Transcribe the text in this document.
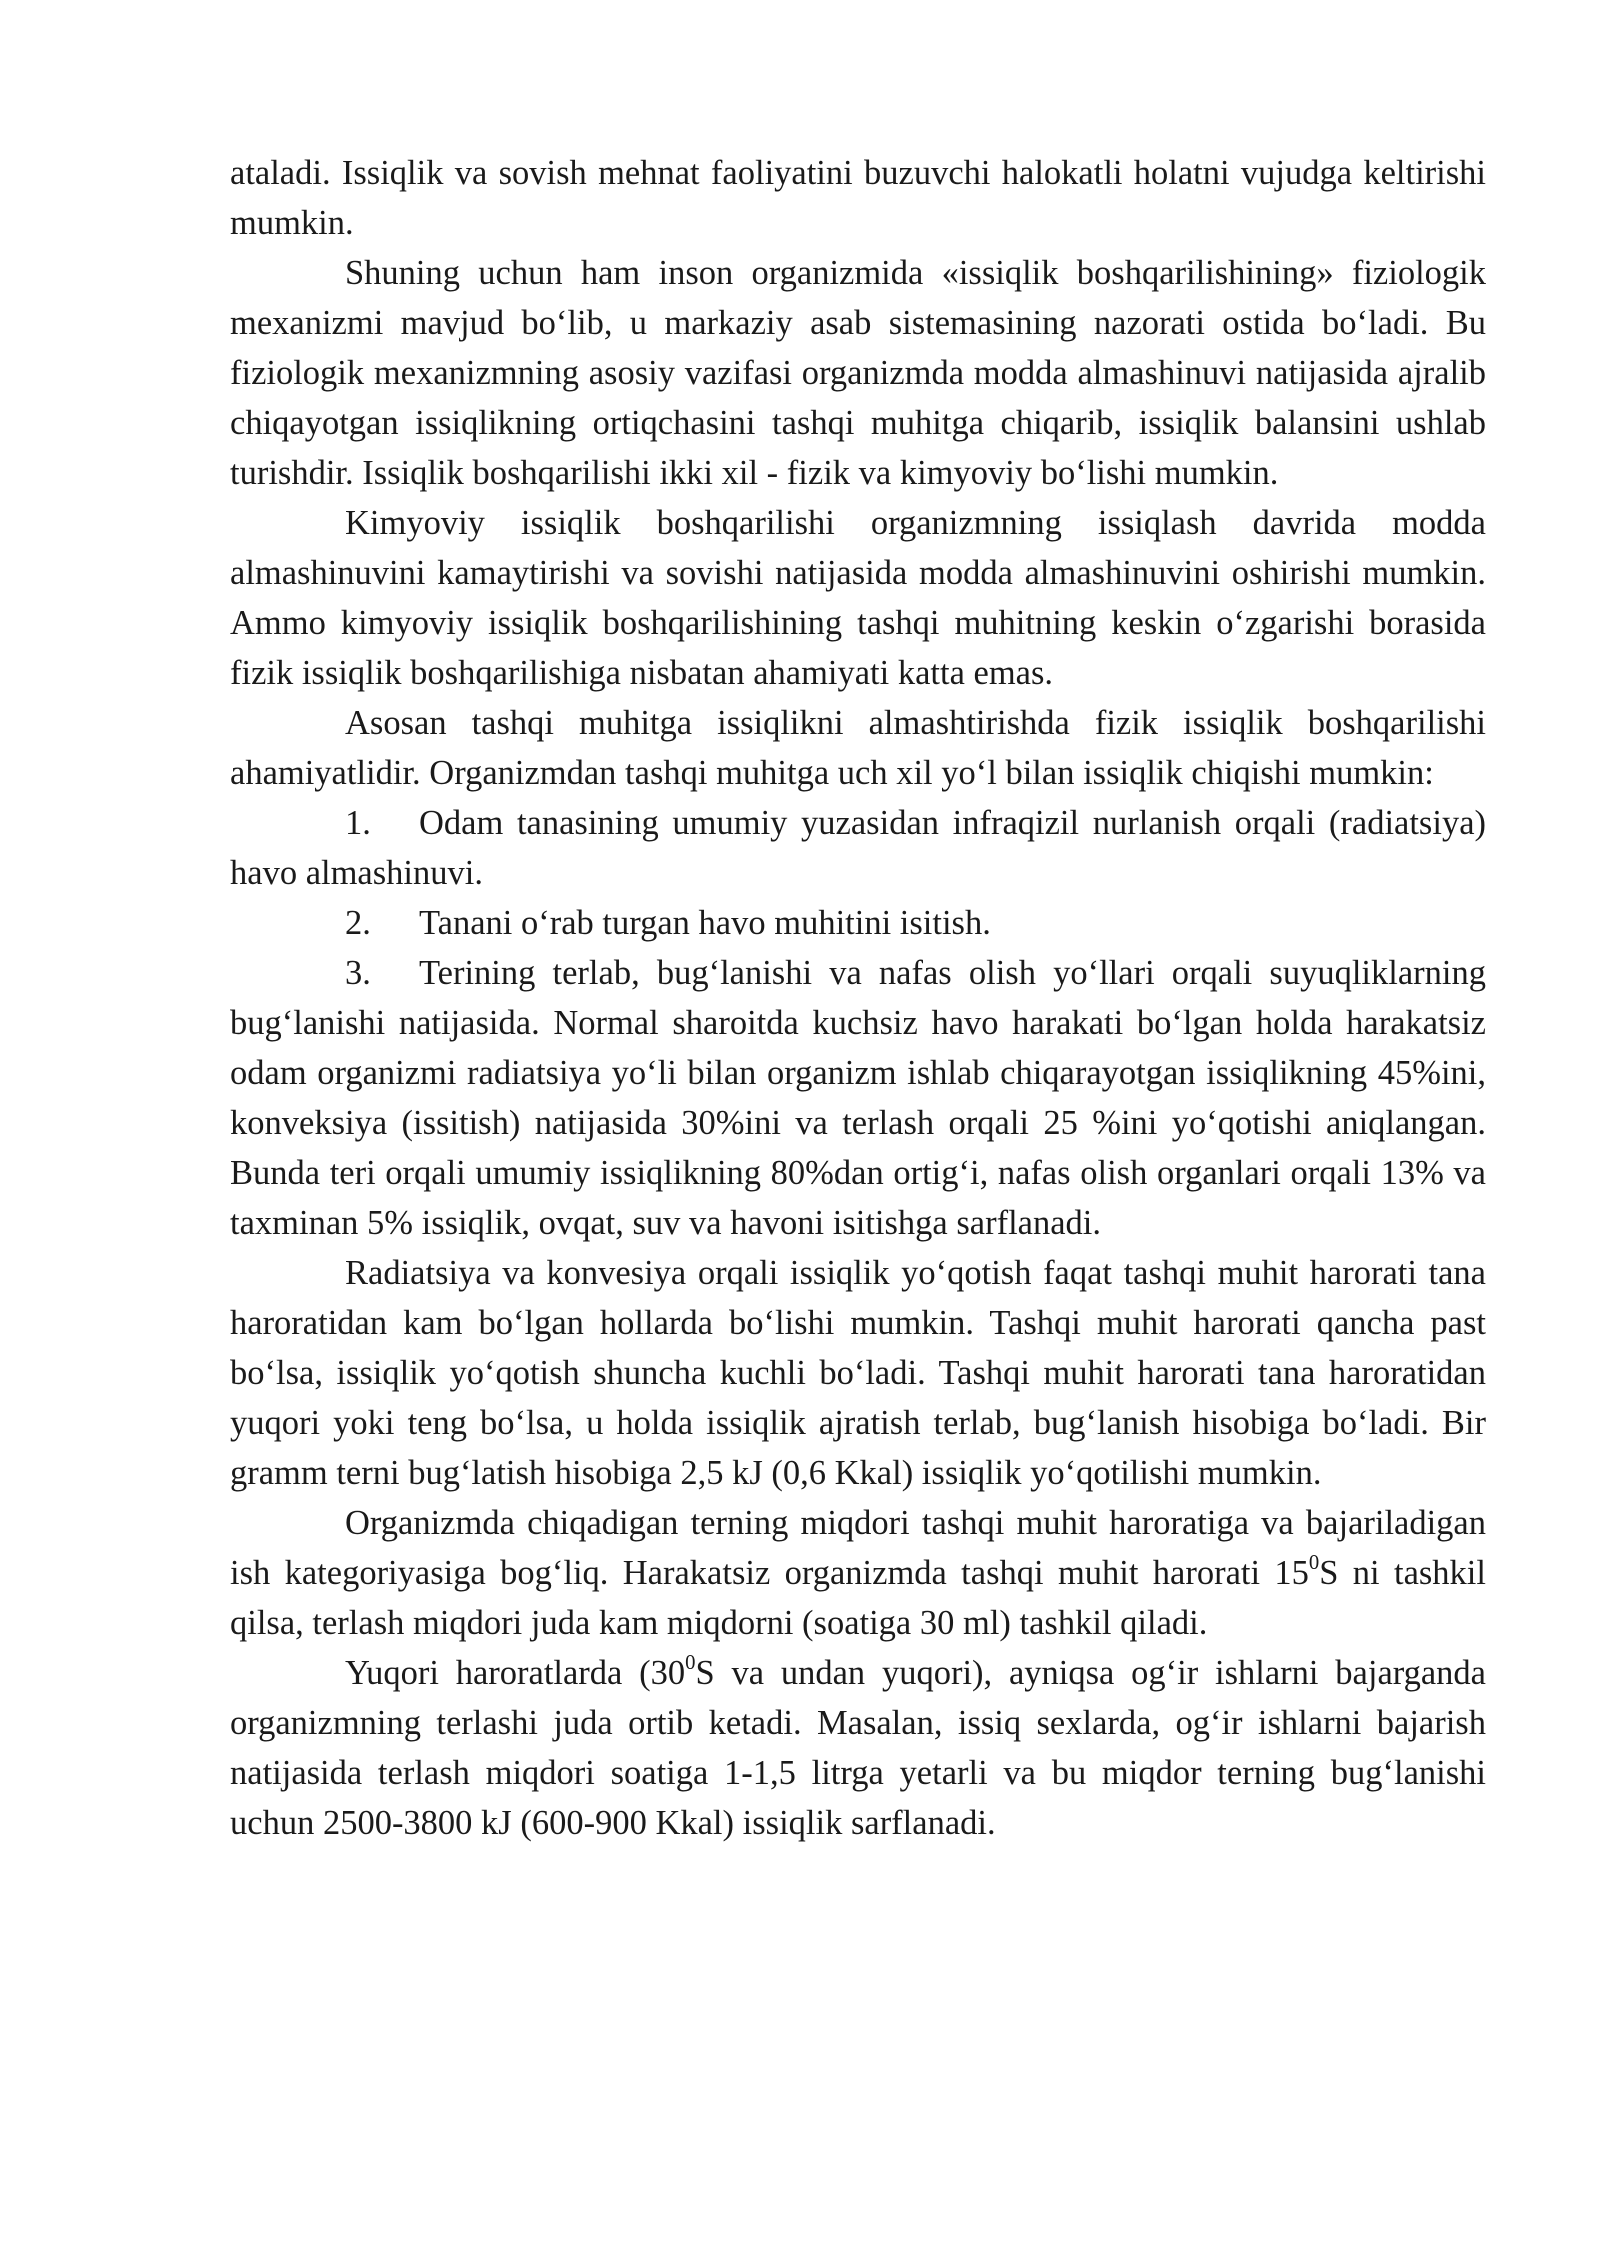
ataladi. Issiqlik va sovish mehnat faoliyatini buzuvchi halokatli holatni vujudga keltirishi mumkin.

Shuning uchun ham inson organizmida «issiqlik boshqarilishining» fiziologik mexanizmi mavjud boʻlib, u markaziy asab sistemasining nazorati ostida boʻladi. Bu fiziologik mexanizmning asosiy vazifasi organizmda modda almashinuvi natijasida ajralib chiqayotgan issiqlikning ortiqchasini tashqi muhitga chiqarib, issiqlik balansini ushlab turishdir. Issiqlik boshqarilishi ikki xil - fizik va kimyoviy boʻlishi mumkin.

Kimyoviy issiqlik boshqarilishi organizmning issiqlash davrida modda almashinuvini kamaytirishi va sovishi natijasida modda almashinuvini oshirishi mumkin. Ammo kimyoviy issiqlik boshqarilishining tashqi muhitning keskin oʻzgarishi borasida fizik issiqlik boshqarilishiga nisbatan ahamiyati katta emas.

Asosan tashqi muhitga issiqlikni almashtirishda fizik issiqlik boshqarilishi ahamiyatlidir. Organizmdan tashqi muhitga uch xil yoʻl bilan issiqlik chiqishi mumkin:

1. Odam tanasining umumiy yuzasidan infraqizil nurlanish orqali (radiatsiya) havo almashinuvi.

2. Tanani oʻrab turgan havo muhitini isitish.

3. Terining terlab, bugʻlanishi va nafas olish yoʻllari orqali suyuqliklarning bugʻlanishi natijasida. Normal sharoitda kuchsiz havo harakati boʻlgan holda harakatsiz odam organizmi radiatsiya yoʻli bilan organizm ishlab chiqarayotgan issiqlikning 45%ini, konveksiya (issitish) natijasida 30%ini va terlash orqali 25 %ini yoʻqotishi aniqlangan. Bunda teri orqali umumiy issiqlikning 80%dan ortigʻi, nafas olish organlari orqali 13% va taxminan 5% issiqlik, ovqat, suv va havoni isitishga sarflanadi.

Radiatsiya va konvesiya orqali issiqlik yoʻqotish faqat tashqi muhit harorati tana haroratidan kam boʻlgan hollarda boʻlishi mumkin. Tashqi muhit harorati qancha past boʻlsa, issiqlik yoʻqotish shuncha kuchli boʻladi. Tashqi muhit harorati tana haroratidan yuqori yoki teng boʻlsa, u holda issiqlik ajratish terlab, bugʻlanish hisobiga boʻladi. Bir gramm terni bugʻlatish hisobiga 2,5 kJ (0,6 Kkal) issiqlik yoʻqotilishi mumkin.

Organizmda chiqadigan terning miqdori tashqi muhit haroratiga va bajariladigan ish kategoriyasiga bogʻliq. Harakatsiz organizmda tashqi muhit harorati $15^0S$ ni tashkil qilsa, terlash miqdori juda kam miqdorni (soatiga 30 ml) tashkil qiladi.

Yuqori haroratlarda ($30^0S$ va undan yuqori), ayniqsa ogʻir ishlarni bajarganda organizmning terlashi juda ortib ketadi. Masalan, issiq sexlarda, ogʻir ishlarni bajarish natijasida terlash miqdori soatiga 1-1,5 litrga yetarli va bu miqdor terning bugʻlanishi uchun 2500-3800 kJ (600-900 Kkal) issiqlik sarflanadi.
